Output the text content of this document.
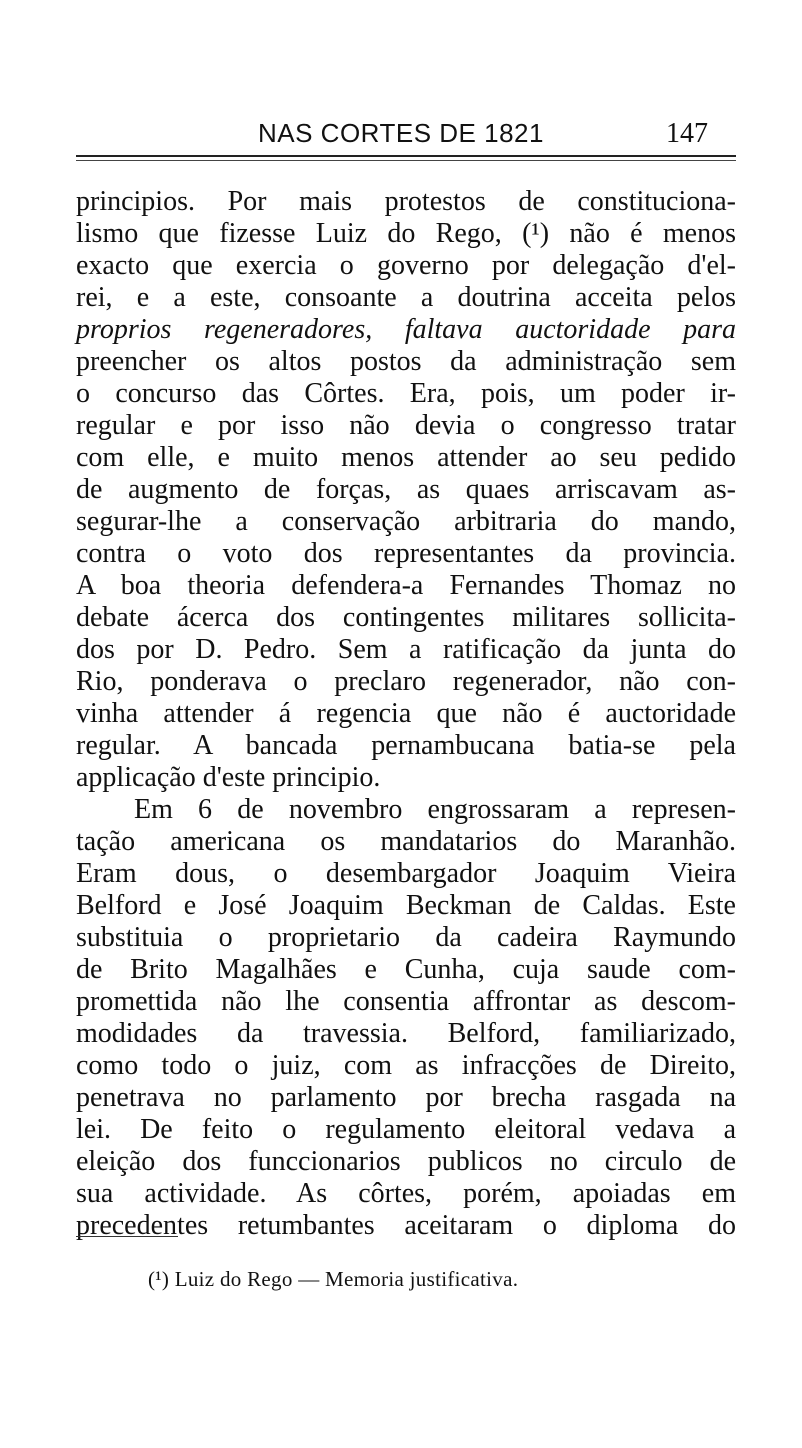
NAS CORTES DE 1821	147
principios. Por mais protestos de constituciona-
lismo que fizesse Luiz do Rego, (¹) não é menos
exacto que exercia o governo por delegação d'el-
rei, e a este, consoante a doutrina acceita pelos
proprios regeneradores, faltava auctoridade para
preencher os altos postos da administração sem
o concurso das Côrtes. Era, pois, um poder ir-
regular e por isso não devia o congresso tratar
com elle, e muito menos attender ao seu pedido
de augmento de forças, as quaes arriscavam as-
segurar-lhe a conservação arbitraria do mando,
contra o voto dos representantes da provincia.
A boa theoria defendera-a Fernandes Thomaz no
debate ácerca dos contingentes militares sollicita-
dos por D. Pedro. Sem a ratificação da junta do
Rio, ponderava o preclaro regenerador, não con-
vinha attender á regencia que não é auctoridade
regular. A bancada pernambucana batia-se pela
applicação d'este principio.
Em 6 de novembro engrossaram a represen-
tação americana os mandatarios do Maranhão.
Eram dous, o desembargador Joaquim Vieira
Belford e José Joaquim Beckman de Caldas. Este
substituia o proprietario da cadeira Raymundo
de Brito Magalhães e Cunha, cuja saude com-
promettida não lhe consentia affrontar as descom-
modidades da travessia. Belford, familiarizado,
como todo o juiz, com as infracções de Direito,
penetrava no parlamento por brecha rasgada na
lei. De feito o regulamento eleitoral vedava a
eleição dos funccionarios publicos no circulo de
sua actividade. As côrtes, porém, apoiadas em
precedentes retumbantes aceitaram o diploma do
(¹) Luiz do Rego — Memoria justificativa.
